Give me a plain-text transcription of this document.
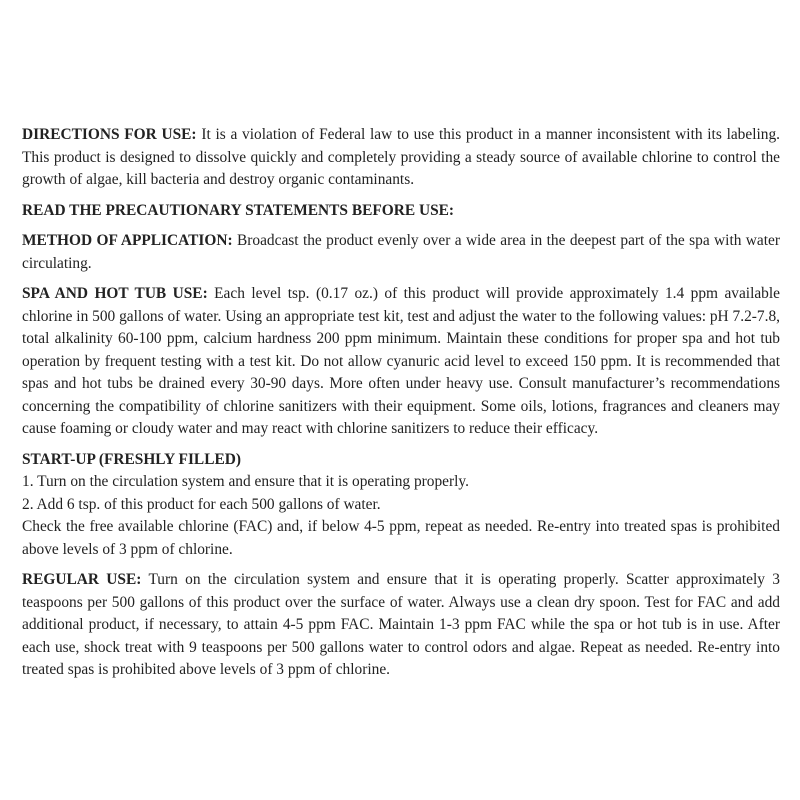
DIRECTIONS FOR USE: It is a violation of Federal law to use this product in a manner inconsistent with its labeling. This product is designed to dissolve quickly and completely providing a steady source of available chlorine to control the growth of algae, kill bacteria and destroy organic contaminants.

READ THE PRECAUTIONARY STATEMENTS BEFORE USE:

METHOD OF APPLICATION: Broadcast the product evenly over a wide area in the deepest part of the spa with water circulating.

SPA AND HOT TUB USE: Each level tsp. (0.17 oz.) of this product will provide approximately 1.4 ppm available chlorine in 500 gallons of water. Using an appropriate test kit, test and adjust the water to the following values: pH 7.2-7.8, total alkalinity 60-100 ppm, calcium hardness 200 ppm minimum. Maintain these conditions for proper spa and hot tub operation by frequent testing with a test kit. Do not allow cyanuric acid level to exceed 150 ppm. It is recommended that spas and hot tubs be drained every 30-90 days. More often under heavy use. Consult manufacturer’s recommendations concerning the compatibility of chlorine sanitizers with their equipment. Some oils, lotions, fragrances and cleaners may cause foaming or cloudy water and may react with chlorine sanitizers to reduce their efficacy.

START-UP (FRESHLY FILLED)
1. Turn on the circulation system and ensure that it is operating properly.
2. Add 6 tsp. of this product for each 500 gallons of water.

Check the free available chlorine (FAC) and, if below 4-5 ppm, repeat as needed. Re-entry into treated spas is prohibited above levels of 3 ppm of chlorine.

REGULAR USE: Turn on the circulation system and ensure that it is operating properly. Scatter approximately 3 teaspoons per 500 gallons of this product over the surface of water. Always use a clean dry spoon. Test for FAC and add additional product, if necessary, to attain 4-5 ppm FAC. Maintain 1-3 ppm FAC while the spa or hot tub is in use. After each use, shock treat with 9 teaspoons per 500 gallons water to control odors and algae. Repeat as needed. Re-entry into treated spas is prohibited above levels of 3 ppm of chlorine.
